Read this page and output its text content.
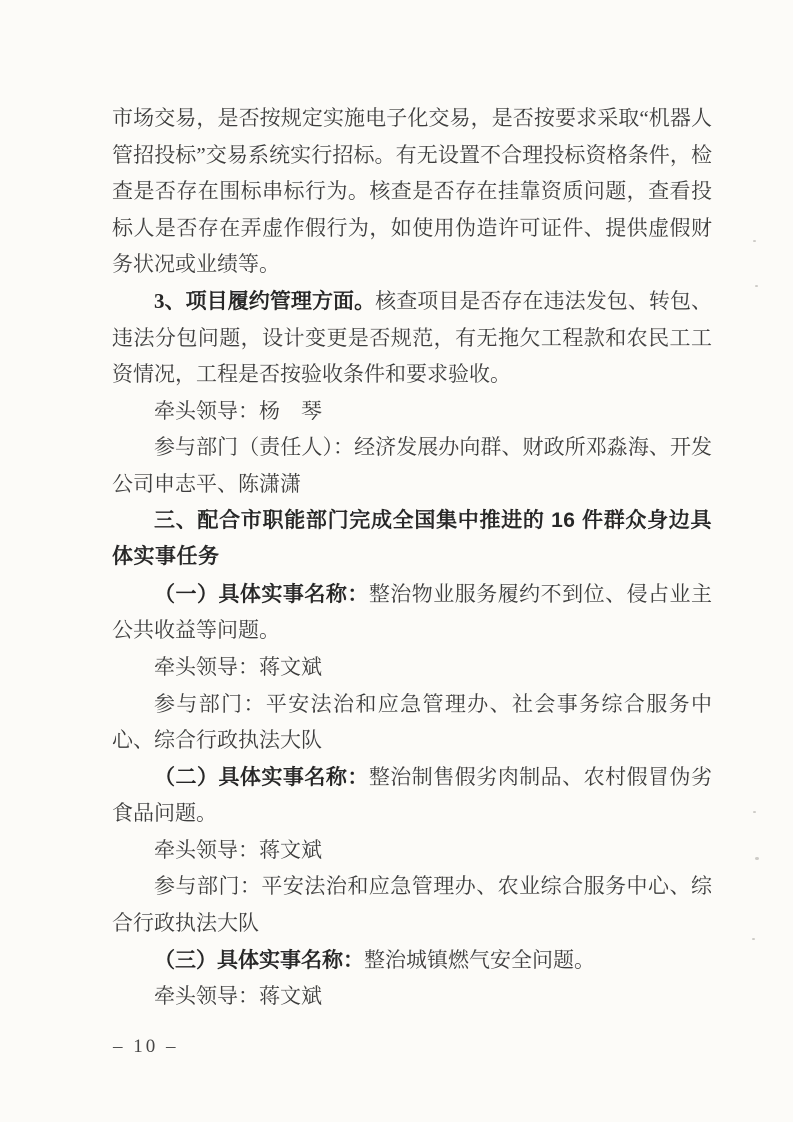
市场交易，是否按规定实施电子化交易，是否按要求采取“机器人管招投标”交易系统实行招标。有无设置不合理投标资格条件，检查是否存在围标串标行为。核查是否存在挂靠资质问题，查看投标人是否存在弄虚作假行为，如使用伪造许可证件、提供虚假财务状况或业绩等。

3、项目履约管理方面。核查项目是否存在违法发包、转包、违法分包问题，设计变更是否规范，有无拖欠工程款和农民工工资情况，工程是否按验收条件和要求验收。

牵头领导：杨　琴

参与部门（责任人）：经济发展办向群、财政所邓淼海、开发公司申志平、陈潇潇

三、配合市职能部门完成全国集中推进的 16 件群众身边具体实事任务

（一）具体实事名称：整治物业服务履约不到位、侵占业主公共收益等问题。

牵头领导：蒋文斌

参与部门：平安法治和应急管理办、社会事务综合服务中心、综合行政执法大队

（二）具体实事名称：整治制售假劣肉制品、农村假冒伪劣食品问题。

牵头领导：蒋文斌

参与部门：平安法治和应急管理办、农业综合服务中心、综合行政执法大队

（三）具体实事名称：整治城镇燃气安全问题。

牵头领导：蒋文斌

– 10 –
